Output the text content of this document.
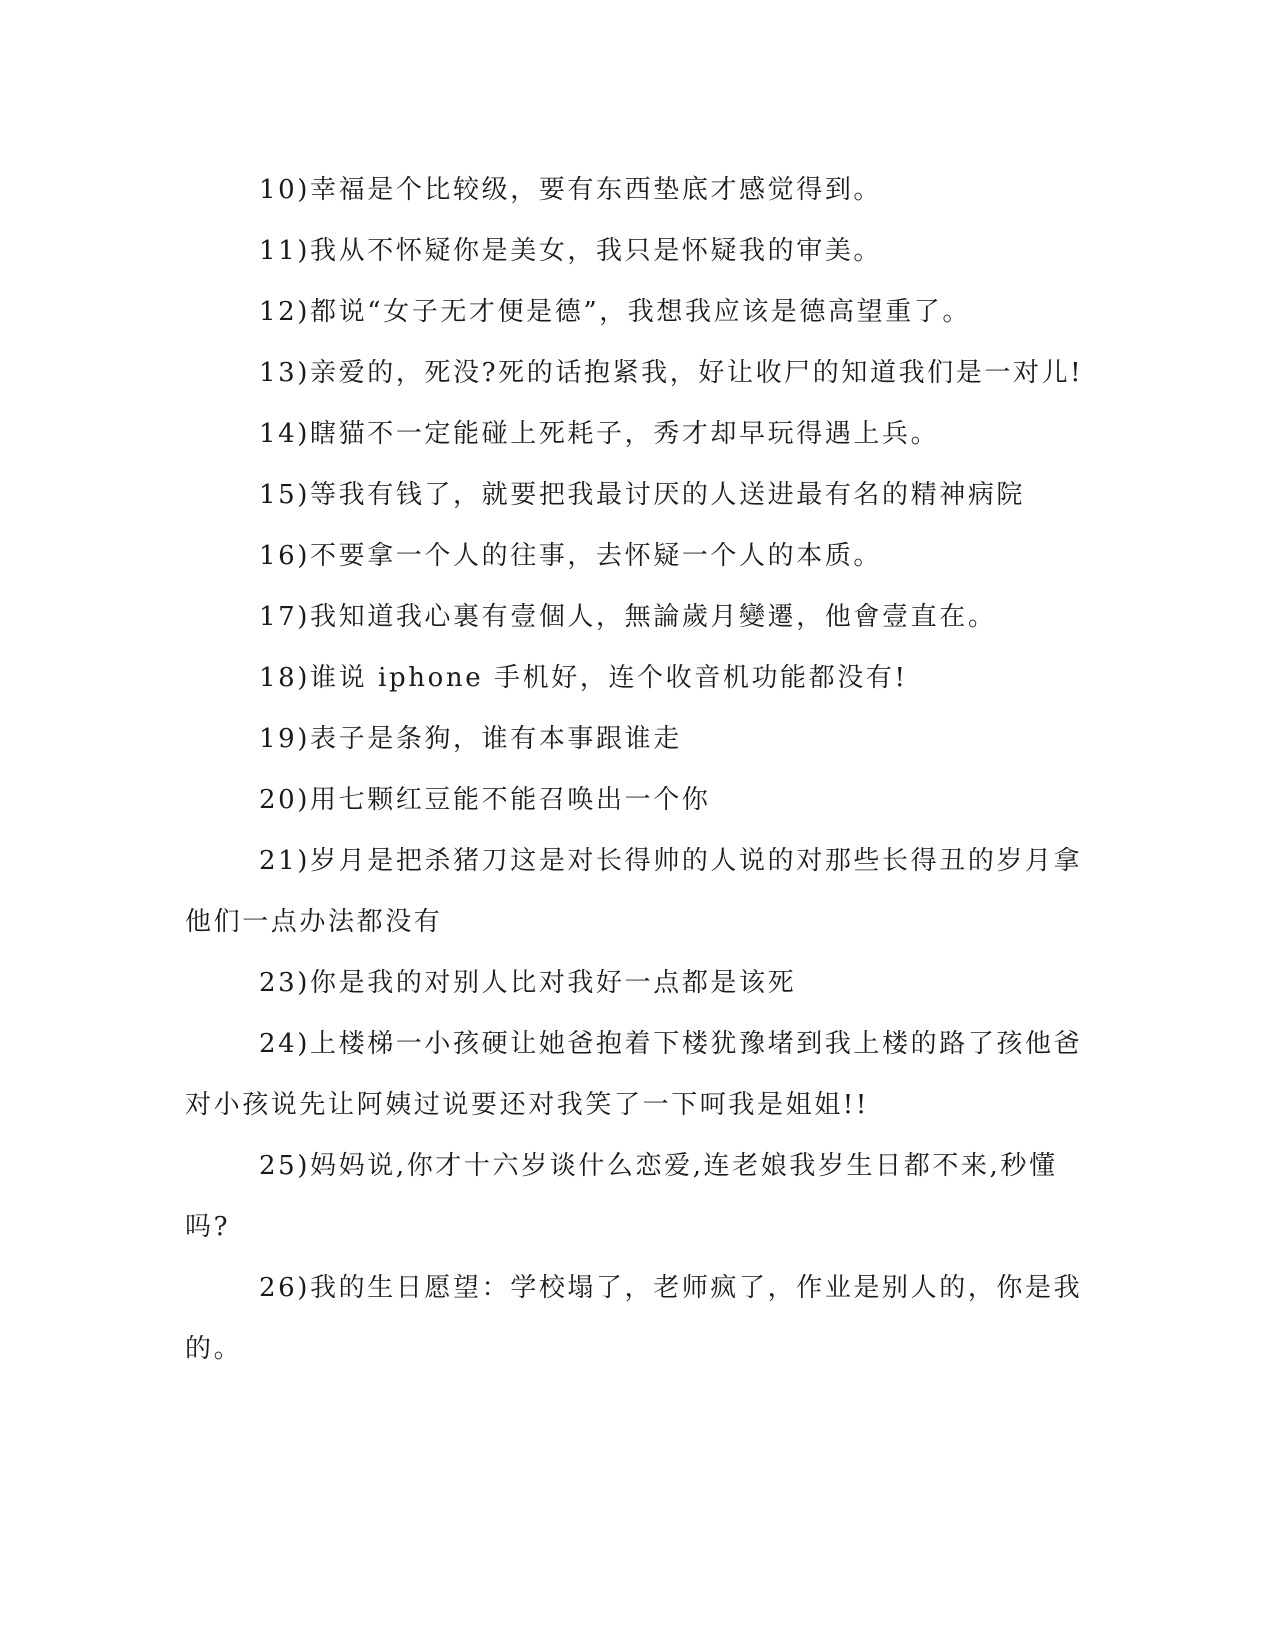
10)幸福是个比较级，要有东西垫底才感觉得到。

11)我从不怀疑你是美女，我只是怀疑我的审美。

12)都说“女子无才便是德”，我想我应该是德高望重了。

13)亲爱的，死没?死的话抱紧我，好让收尸的知道我们是一对儿!

14)瞎猫不一定能碰上死耗子，秀才却早玩得遇上兵。

15)等我有钱了，就要把我最讨厌的人送进最有名的精神病院

16)不要拿一个人的往事，去怀疑一个人的本质。

17)我知道我心裏有壹個人，無論歲月變遷，他會壹直在。

18)谁说 iphone 手机好，连个收音机功能都没有!

19)表子是条狗，谁有本事跟谁走

20)用七颗红豆能不能召唤出一个你

21)岁月是把杀猪刀这是对长得帅的人说的对那些长得丑的岁月拿他们一点办法都没有

23)你是我的对别人比对我好一点都是该死

24)上楼梯一小孩硬让她爸抱着下楼犹豫堵到我上楼的路了孩他爸对小孩说先让阿姨过说要还对我笑了一下呵我是姐姐!!

25)妈妈说,你才十六岁谈什么恋爱,连老娘我岁生日都不来,秒懂吗?

26)我的生日愿望：学校塌了，老师疯了，作业是别人的，你是我的。
